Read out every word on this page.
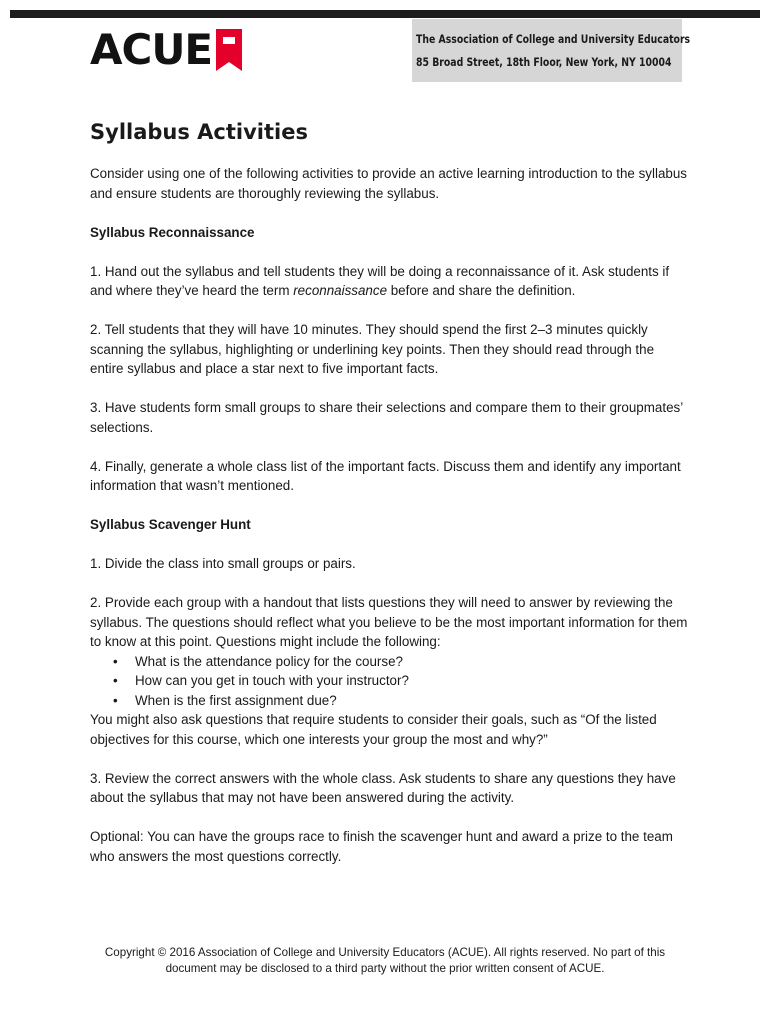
ACUE	The Association of College and University Educators
85 Broad Street, 18th Floor, New York, NY 10004
Syllabus Activities

Consider using one of the following activities to provide an active learning introduction to the syllabus and ensure students are thoroughly reviewing the syllabus.

Syllabus Reconnaissance

1. Hand out the syllabus and tell students they will be doing a reconnaissance of it. Ask students if and where they’ve heard the term reconnaissance before and share the definition.

2. Tell students that they will have 10 minutes. They should spend the first 2–3 minutes quickly scanning the syllabus, highlighting or underlining key points. Then they should read through the entire syllabus and place a star next to five important facts.

3. Have students form small groups to share their selections and compare them to their groupmates’ selections.

4. Finally, generate a whole class list of the important facts. Discuss them and identify any important information that wasn’t mentioned.

Syllabus Scavenger Hunt

1. Divide the class into small groups or pairs.

2. Provide each group with a handout that lists questions they will need to answer by reviewing the syllabus. The questions should reflect what you believe to be the most important information for them to know at this point. Questions might include the following:
• What is the attendance policy for the course?
• How can you get in touch with your instructor?
• When is the first assignment due?
You might also ask questions that require students to consider their goals, such as “Of the listed objectives for this course, which one interests your group the most and why?”

3. Review the correct answers with the whole class. Ask students to share any questions they have about the syllabus that may not have been answered during the activity.

Optional: You can have the groups race to finish the scavenger hunt and award a prize to the team who answers the most questions correctly.

Copyright © 2016 Association of College and University Educators (ACUE). All rights reserved. No part of this
document may be disclosed to a third party without the prior written consent of ACUE.
